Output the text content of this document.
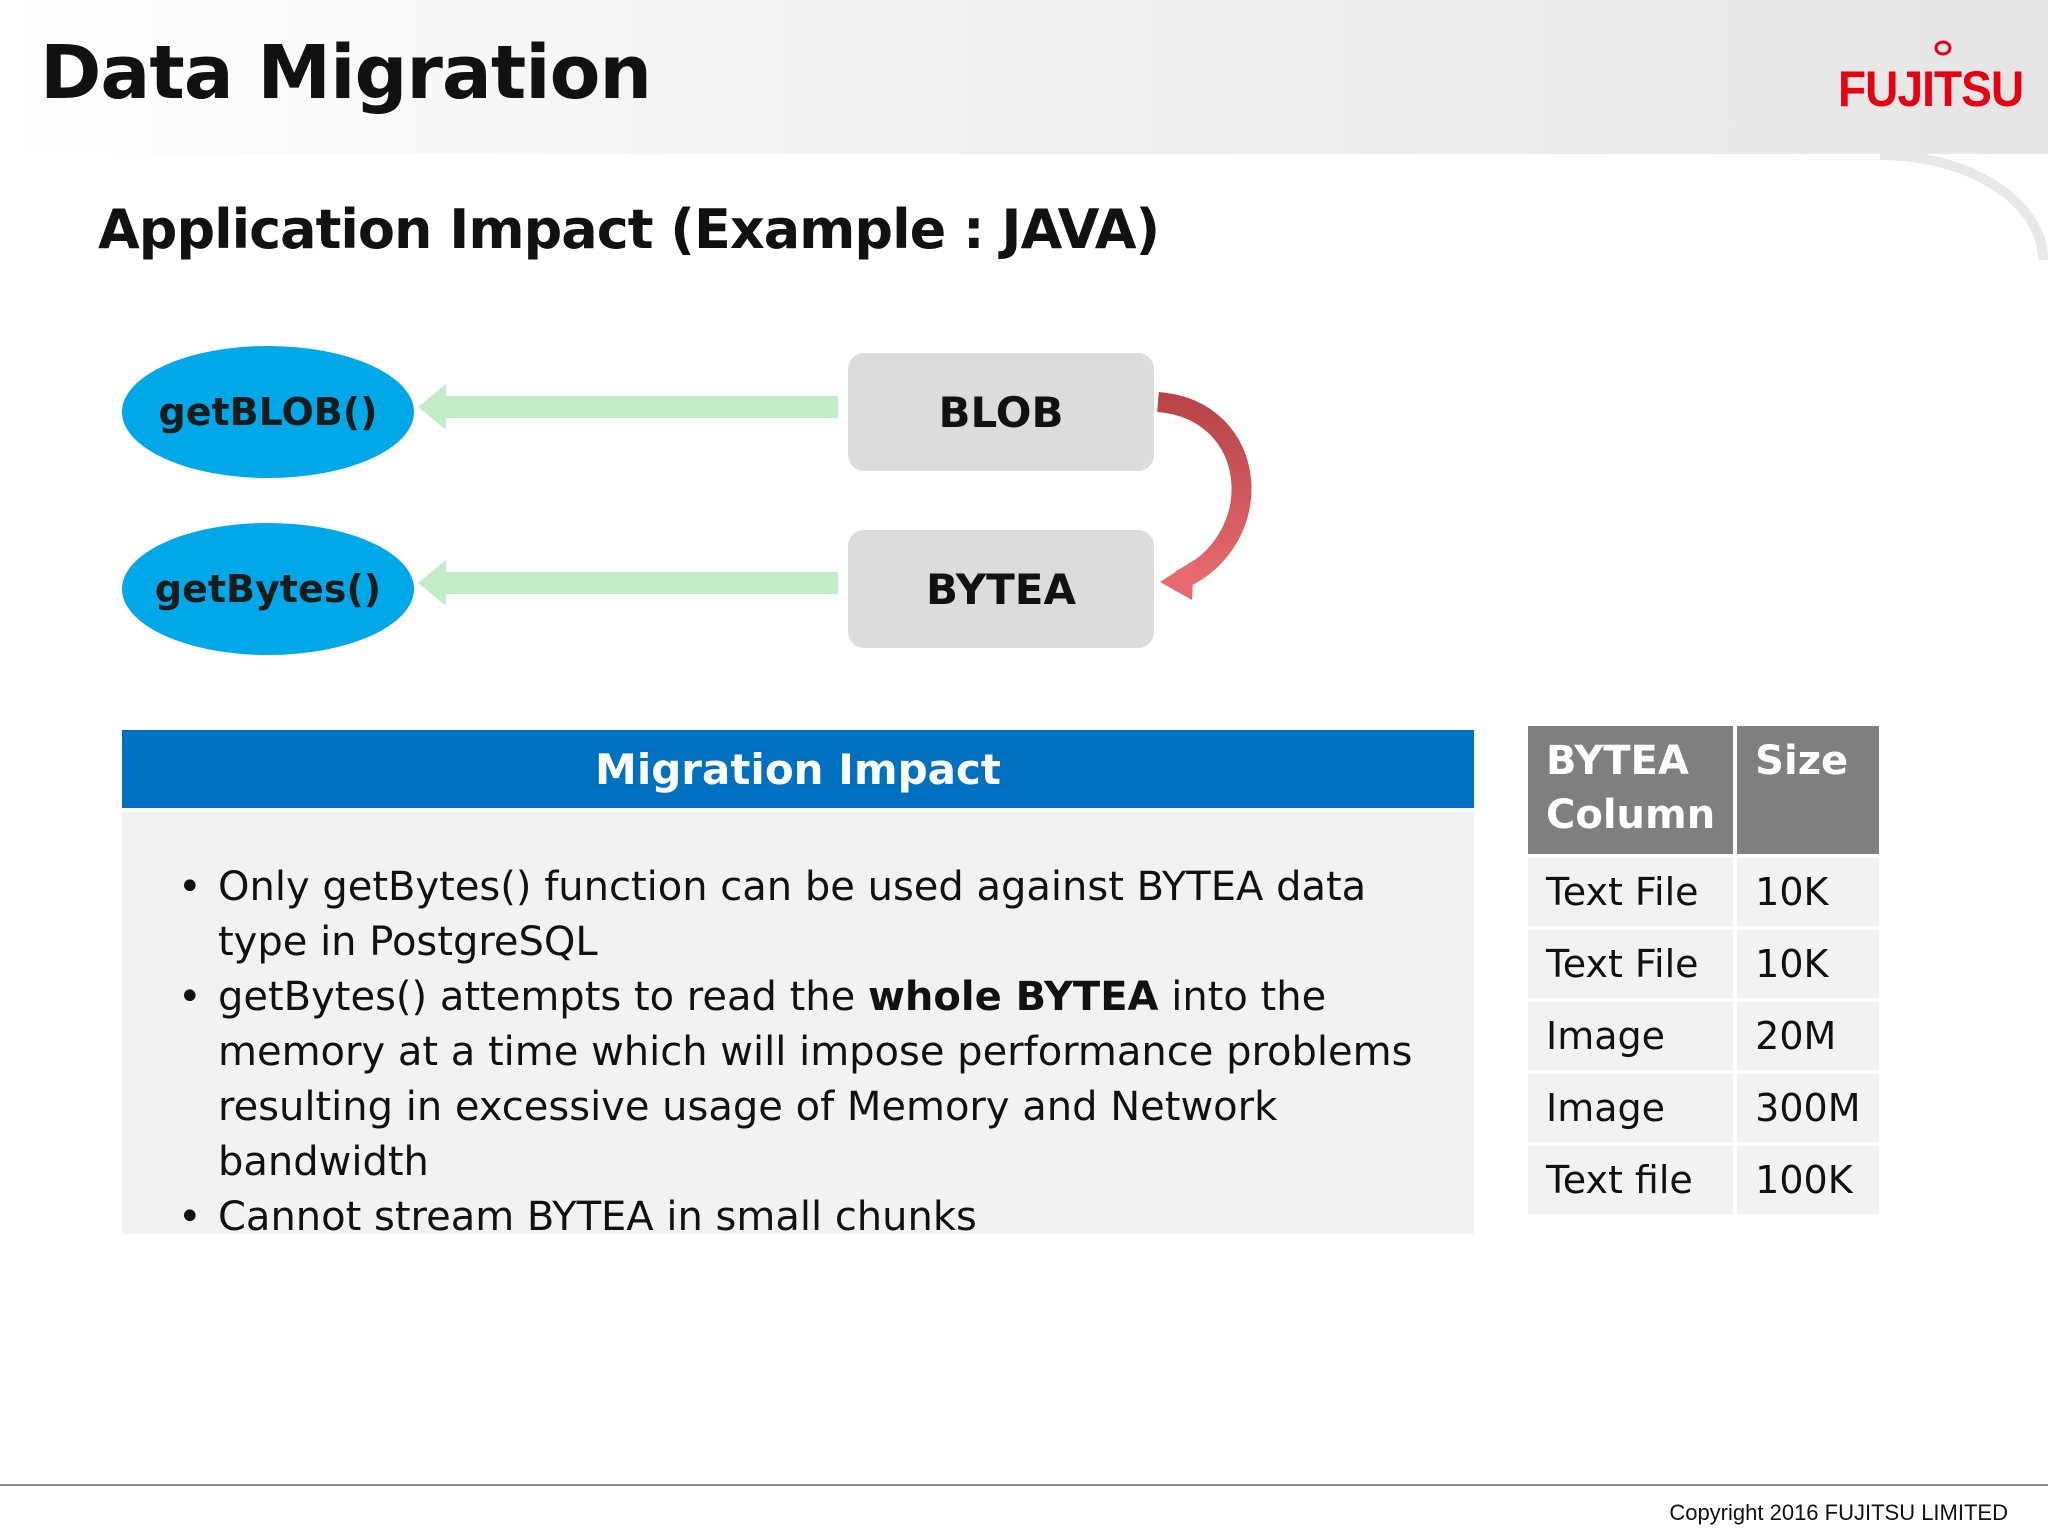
Data Migration	FUJITSU
Application Impact (Example : JAVA)
getBLOB()
getBytes()
BLOB
BYTEA
Migration Impact
• Only getBytes() function can be used against BYTEA data type in PostgreSQL
• getBytes() attempts to read the whole BYTEA into the memory at a time which will impose performance problems resulting in excessive usage of Memory and Network bandwidth
• Cannot stream BYTEA in small chunks
BYTEA Column	Size
Text File	10K
Text File	10K
Image	20M
Image	300M
Text file	100K
Copyright 2016 FUJITSU LIMITED
